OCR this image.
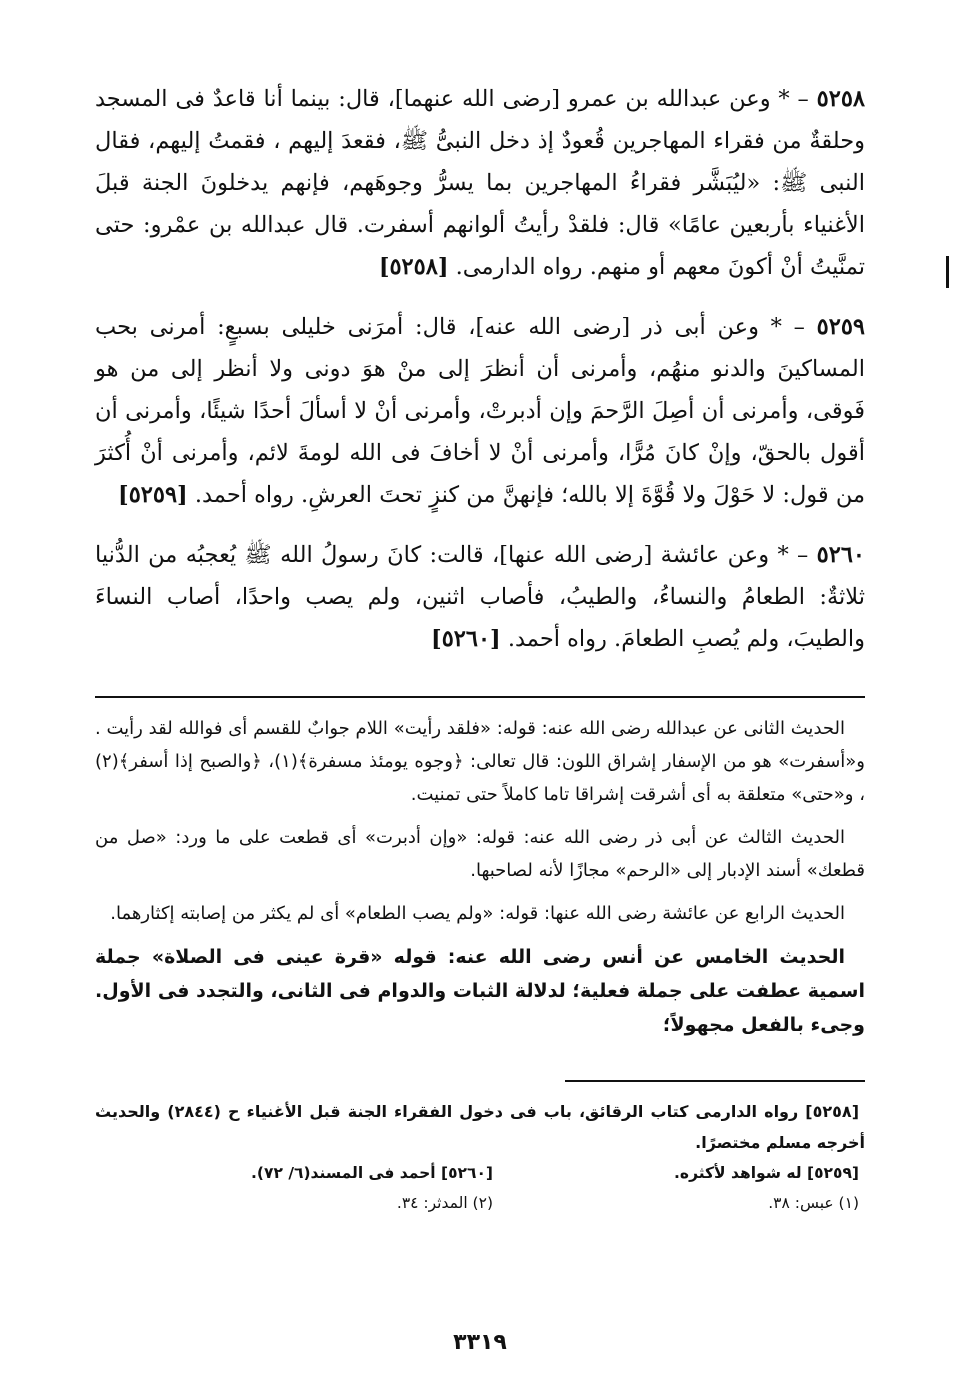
٥٢٥٨ – * وعن عبدالله بن عمرو [رضى الله عنهما]، قال: بينما أنا قاعدٌ فى المسجد وحلقةٌ من فقراء المهاجرين قُعودٌ إذ دخل النبىُّ ﷺ، فقعدَ إليهم ، فقمتُ إليهم، فقال النبى ﷺ: «ليُبَشَّر فقراءُ المهاجرين بما يسرُّ وجوهَهم، فإنهم يدخلونَ الجنة قبلَ الأغنياء بأربعين عامًا» قال: فلقدْ رأيتُ ألوانهم أسفرت. قال عبدالله بن عمْرو: حتى تمنَّيتُ أنْ أكونَ معهم أو منهم. رواه الدارمى. [٥٢٥٨]

٥٢٥٩ – * وعن أبى ذر [رضى الله عنه]، قال: أمرَنى خليلى بسبعٍ: أمرنى بحب المساكينَ والدنو منهُم، وأمرنى أن أنظرَ إلى منْ هوَ دونى ولا أنظر إلى من هو فَوقى، وأمرنى أن أصِلَ الرَّحمَ وإن أدبرتْ، وأمرنى أنْ لا أسألَ أحدًا شيئًا، وأمرنى أن أقول بالحقّ، وإنْ كانَ مُرًّا، وأمرنى أنْ لا أخافَ فى الله لومةَ لائم، وأمرنى أنْ أُكثرَ من قول: لا حَوْلَ ولا قُوَّةَ إلا بالله؛ فإنهنَّ من كنزٍ تحتَ العرشِ. رواه أحمد. [٥٢٥٩]

٥٢٦٠ – * وعن عائشة [رضى الله عنها]، قالت: كانَ رسولُ الله ﷺ يُعجبُه من الدُّنيا ثلاثةٌ: الطعامُ والنساءُ، والطيبُ، فأصاب اثنين، ولم يصب واحدًا، أصاب النساءَ والطيبَ، ولم يُصبِ الطعامَ. رواه أحمد. [٥٢٦٠]

الحديث الثانى عن عبدالله رضى الله عنه: قوله: «فلقد رأيت» اللام جوابٌ للقسم أى فوالله لقد رأيت . و«أسفرت» هو من الإسفار إشراق اللون: قال تعالى: ﴿وجوه يومئذ مسفرة﴾(١)، ﴿والصبح إذا أسفر﴾(٢) ، و«حتى» متعلقة به أى أشرقت إشراقا تاما كاملاً حتى تمنيت.

الحديث الثالث عن أبى ذر رضى الله عنه: قوله: «وإن أدبرت» أى قطعت على ما ورد: «صل من قطعك» أسند الإدبار إلى «الرحم» مجازًا لأنه لصاحبها.

الحديث الرابع عن عائشة رضى الله عنها: قوله: «ولم يصب الطعام» أى لم يكثر من إصابته إكثارهما.

الحديث الخامس عن أنس رضى الله عنه: قوله «قرة عينى فى الصلاة» جملة اسمية عطفت على جملة فعلية؛ لدلالة الثبات والدوام فى الثانى، والتجدد فى الأول. وجىء بالفعل مجهولاً؛

[٥٢٥٨] رواه الدارمى كتاب الرقائق، باب فى دخول الفقراء الجنة قبل الأغنياء ح (٢٨٤٤) والحديث أخرجه مسلم مختصرًا.

[٥٢٥٩] له شواهد لأكثره.
[٥٢٦٠] أحمد فى المسند(٦/ ٧٢).
(١) عبس: ٣٨.
(٢) المدثر: ٣٤.
٣٣١٩
